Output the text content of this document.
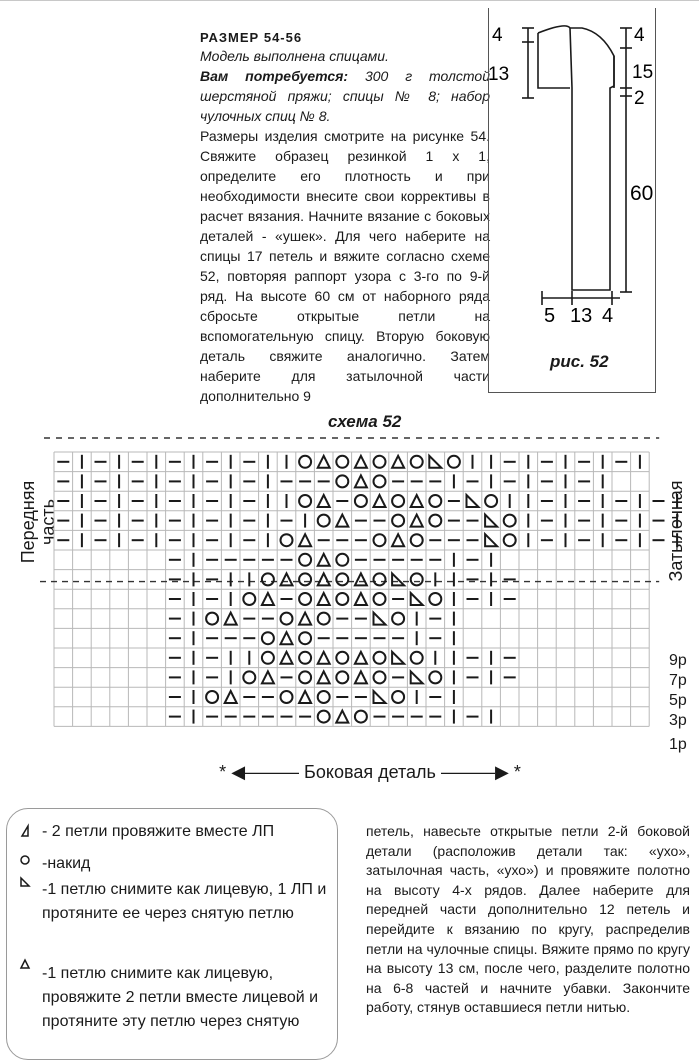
РАЗМЕР 54-56

Модель выполнена спицами.

Вам потребуется: 300 г толстой шерстяной пряжи; спицы № 8; набор чулочных спиц № 8.

Размеры изделия смотрите на рисунке 54. Свяжите образец резинкой 1 х 1, определите его плотность и при необходимости внесите свои коррективы в расчет вязания. Начните вязание с боковых деталей - «ушек». Для чего наберите на спицы 17 петель и вяжите согласно схеме 52, повторяя раппорт узора с 3-го по 9-й ряд. На высоте 60 см от наборного ряда сбросьте открытые петли на вспомогательную спицу. Вторую боковую деталь свяжите аналогично. Затем наберите для затылочной части дополнительно 9

4
13
4
15
2
60
5 13 4
рис. 52
схема 52
Передняя часть	Затылочная
9р
7р
5р
3р
1р
* ◀——— Боковая деталь ———▶ *
- 2 петли провяжите вместе ЛП
-накид
-1 петлю снимите как лицевую, 1 ЛП и протяните ее через снятую петлю
-1 петлю снимите как лицевую, провяжите 2 петли вместе лицевой и протяните эту петлю через снятую
петель, навесьте открытые петли 2-й боковой детали (расположив детали так: «ухо», затылочная часть, «ухо») и провяжите полотно на высоту 4-х рядов. Далее наберите для передней части дополнительно 12 петель и перейдите к вязанию по кругу, распределив петли на чулочные спицы. Вяжите прямо по кругу на высоту 13 см, после чего, разделите полотно на 6-8 частей и начните убавки. Закончите работу, стянув оставшиеся петли нитью.
